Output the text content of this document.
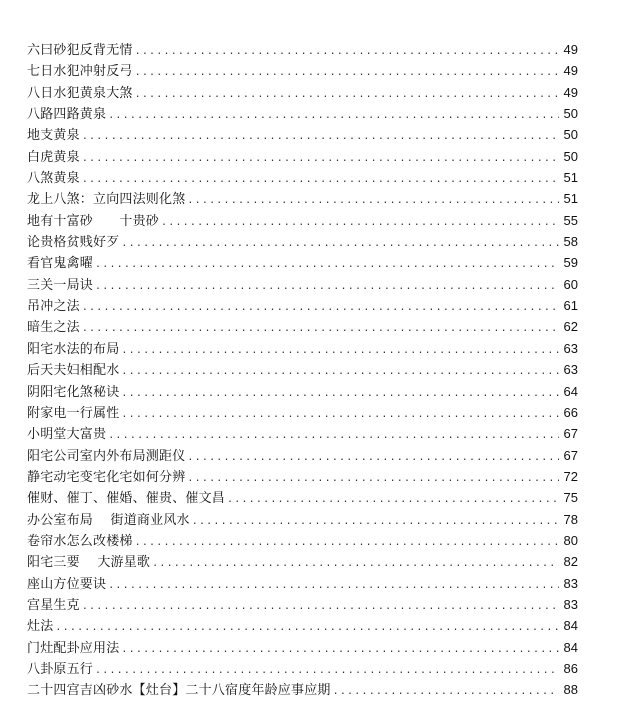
六曰砂犯反背无情 .....	49
七日水犯冲射反弓 .....	49
八日水犯黄泉大煞 .....	49
八路四路黄泉 .....	50
地支黄泉 .....	50
白虎黄泉 .....	50
八煞黄泉 .....	51
龙上八煞：立向四法则化煞 .....	51
地有十富砂　　十贵砂 .....	55
论贵格贫贱好歹 .....	58
看官鬼禽曜 .....	59
三关一局诀 .....	60
吊冲之法 .....	61
暗生之法 .....	62
阳宅水法的布局 .....	63
后天夫妇相配水 .....	63
阴阳宅化煞秘诀 .....	64
附家电一行属性 .....	66
小明堂大富贵 .....	67
阳宅公司室内外布局测距仪 .....	67
静宅动宅变宅化宅如何分辨 .....	72
催财、催丁、催婚、催贵、催文昌 .....	75
办公室布局　 街道商业风水 .....	78
卷帘水怎么改楼梯 .....	80
阳宅三要　 大游星歌 .....	82
座山方位要诀 .....	83
宫星生克 .....	83
灶法 .....	84
门灶配卦应用法 .....	84
八卦原五行 .....	86
二十四宫吉凶砂水【灶台】二十八宿度年龄应事应期 .....	88
